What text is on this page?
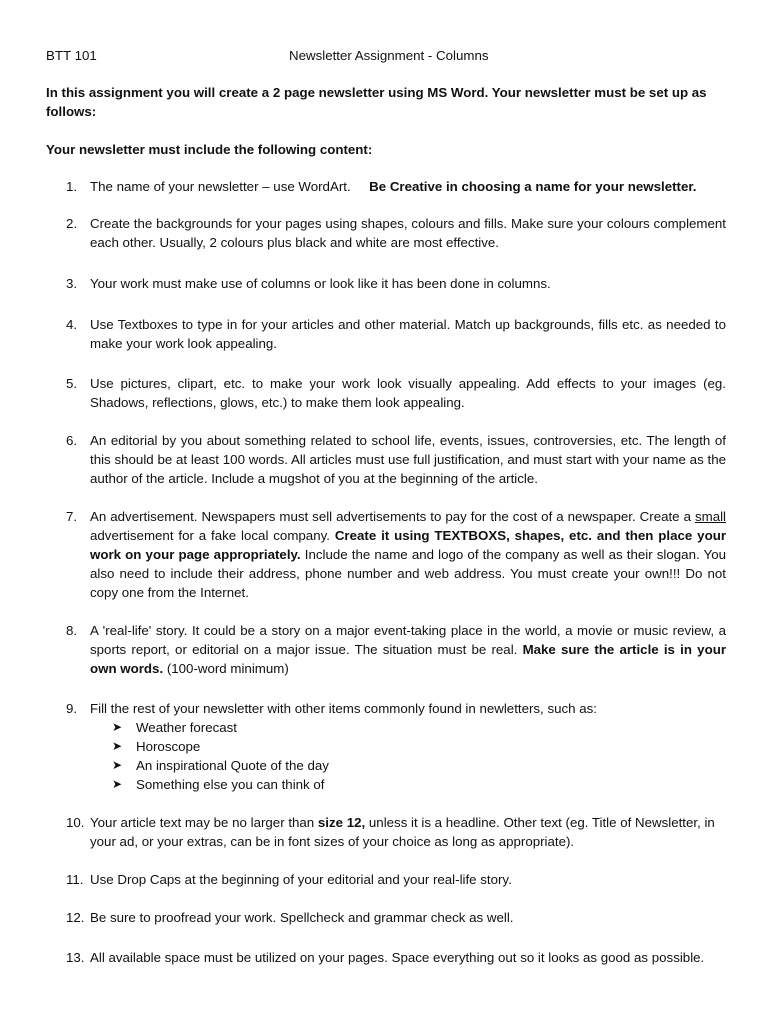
BTT 101	Newsletter Assignment - Columns
In this assignment you will create a 2 page newsletter using MS Word. Your newsletter must be set up as follows:
Your newsletter must include the following content:
1. The name of your newsletter – use WordArt. Be Creative in choosing a name for your newsletter.
2. Create the backgrounds for your pages using shapes, colours and fills. Make sure your colours complement each other. Usually, 2 colours plus black and white are most effective.
3. Your work must make use of columns or look like it has been done in columns.
4. Use Textboxes to type in for your articles and other material. Match up backgrounds, fills etc. as needed to make your work look appealing.
5. Use pictures, clipart, etc. to make your work look visually appealing. Add effects to your images (eg. Shadows, reflections, glows, etc.) to make them look appealing.
6. An editorial by you about something related to school life, events, issues, controversies, etc. The length of this should be at least 100 words. All articles must use full justification, and must start with your name as the author of the article. Include a mugshot of you at the beginning of the article.
7. An advertisement. Newspapers must sell advertisements to pay for the cost of a newspaper. Create a small advertisement for a fake local company. Create it using TEXTBOXS, shapes, etc. and then place your work on your page appropriately. Include the name and logo of the company as well as their slogan. You also need to include their address, phone number and web address. You must create your own!!! Do not copy one from the Internet.
8. A 'real-life' story. It could be a story on a major event-taking place in the world, a movie or music review, a sports report, or editorial on a major issue. The situation must be real. Make sure the article is in your own words. (100-word minimum)
9. Fill the rest of your newsletter with other items commonly found in newletters, such as:
➤ Weather forecast
➤ Horoscope
➤ An inspirational Quote of the day
➤ Something else you can think of
10. Your article text may be no larger than size 12, unless it is a headline. Other text (eg. Title of Newsletter, in your ad, or your extras, can be in font sizes of your choice as long as appropriate).
11. Use Drop Caps at the beginning of your editorial and your real-life story.
12. Be sure to proofread your work. Spellcheck and grammar check as well.
13. All available space must be utilized on your pages. Space everything out so it looks as good as possible.
